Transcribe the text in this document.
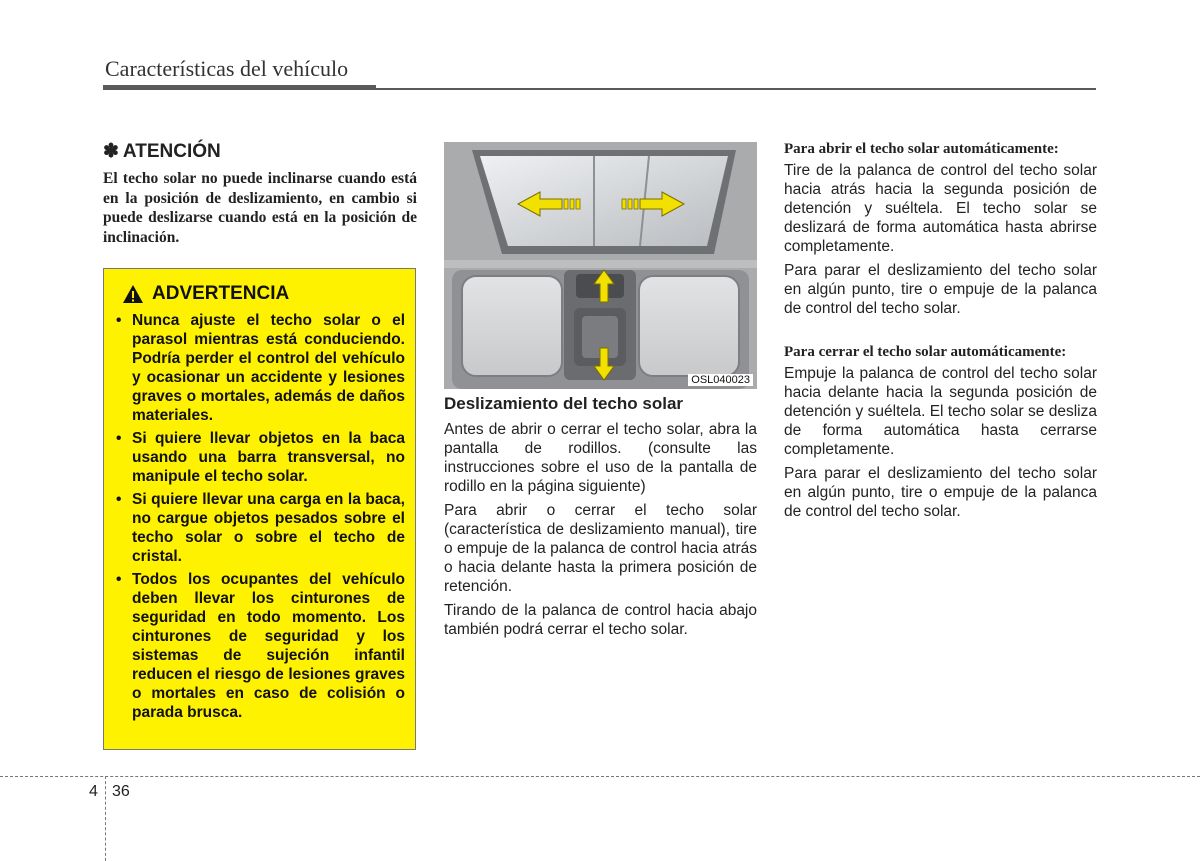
Características del vehículo
✽ ATENCIÓN

El techo solar no puede inclinarse cuando está en la posición de deslizamiento, en cambio si puede deslizarse cuando está en la posición de inclinación.

ADVERTENCIA
• Nunca ajuste el techo solar o el parasol mientras está conduciendo. Podría perder el control del vehículo y ocasionar un accidente y lesiones graves o mortales, además de daños materiales.
• Si quiere llevar objetos en la baca usando una barra transversal, no manipule el techo solar.
• Si quiere llevar una carga en la baca, no cargue objetos pesados sobre el techo solar o sobre el techo de cristal.
• Todos los ocupantes del vehículo deben llevar los cinturones de seguridad en todo momento. Los cinturones de seguridad y los sistemas de sujeción infantil reducen el riesgo de lesiones graves o mortales en caso de colisión o parada brusca.
OSL040023
Deslizamiento del techo solar

Antes de abrir o cerrar el techo solar, abra la pantalla de rodillos. (consulte las instrucciones sobre el uso de la pantalla de rodillo en la página siguiente)

Para abrir o cerrar el techo solar (característica de deslizamiento manual), tire o empuje de la palanca de control hacia atrás o hacia delante hasta la primera posición de retención.

Tirando de la palanca de control hacia abajo también podrá cerrar el techo solar.

Para abrir el techo solar automáticamente:

Tire de la palanca de control del techo solar hacia atrás hacia la segunda posición de detención y suéltela. El techo solar se deslizará de forma automática hasta abrirse completamente.

Para parar el deslizamiento del techo solar en algún punto, tire o empuje de la palanca de control del techo solar.

Para cerrar el techo solar automáticamente:

Empuje la palanca de control del techo solar hacia delante hacia la segunda posición de detención y suéltela. El techo solar se desliza de forma automática hasta cerrarse completamente.

Para parar el deslizamiento del techo solar en algún punto, tire o empuje de la palanca de control del techo solar.

4 36
